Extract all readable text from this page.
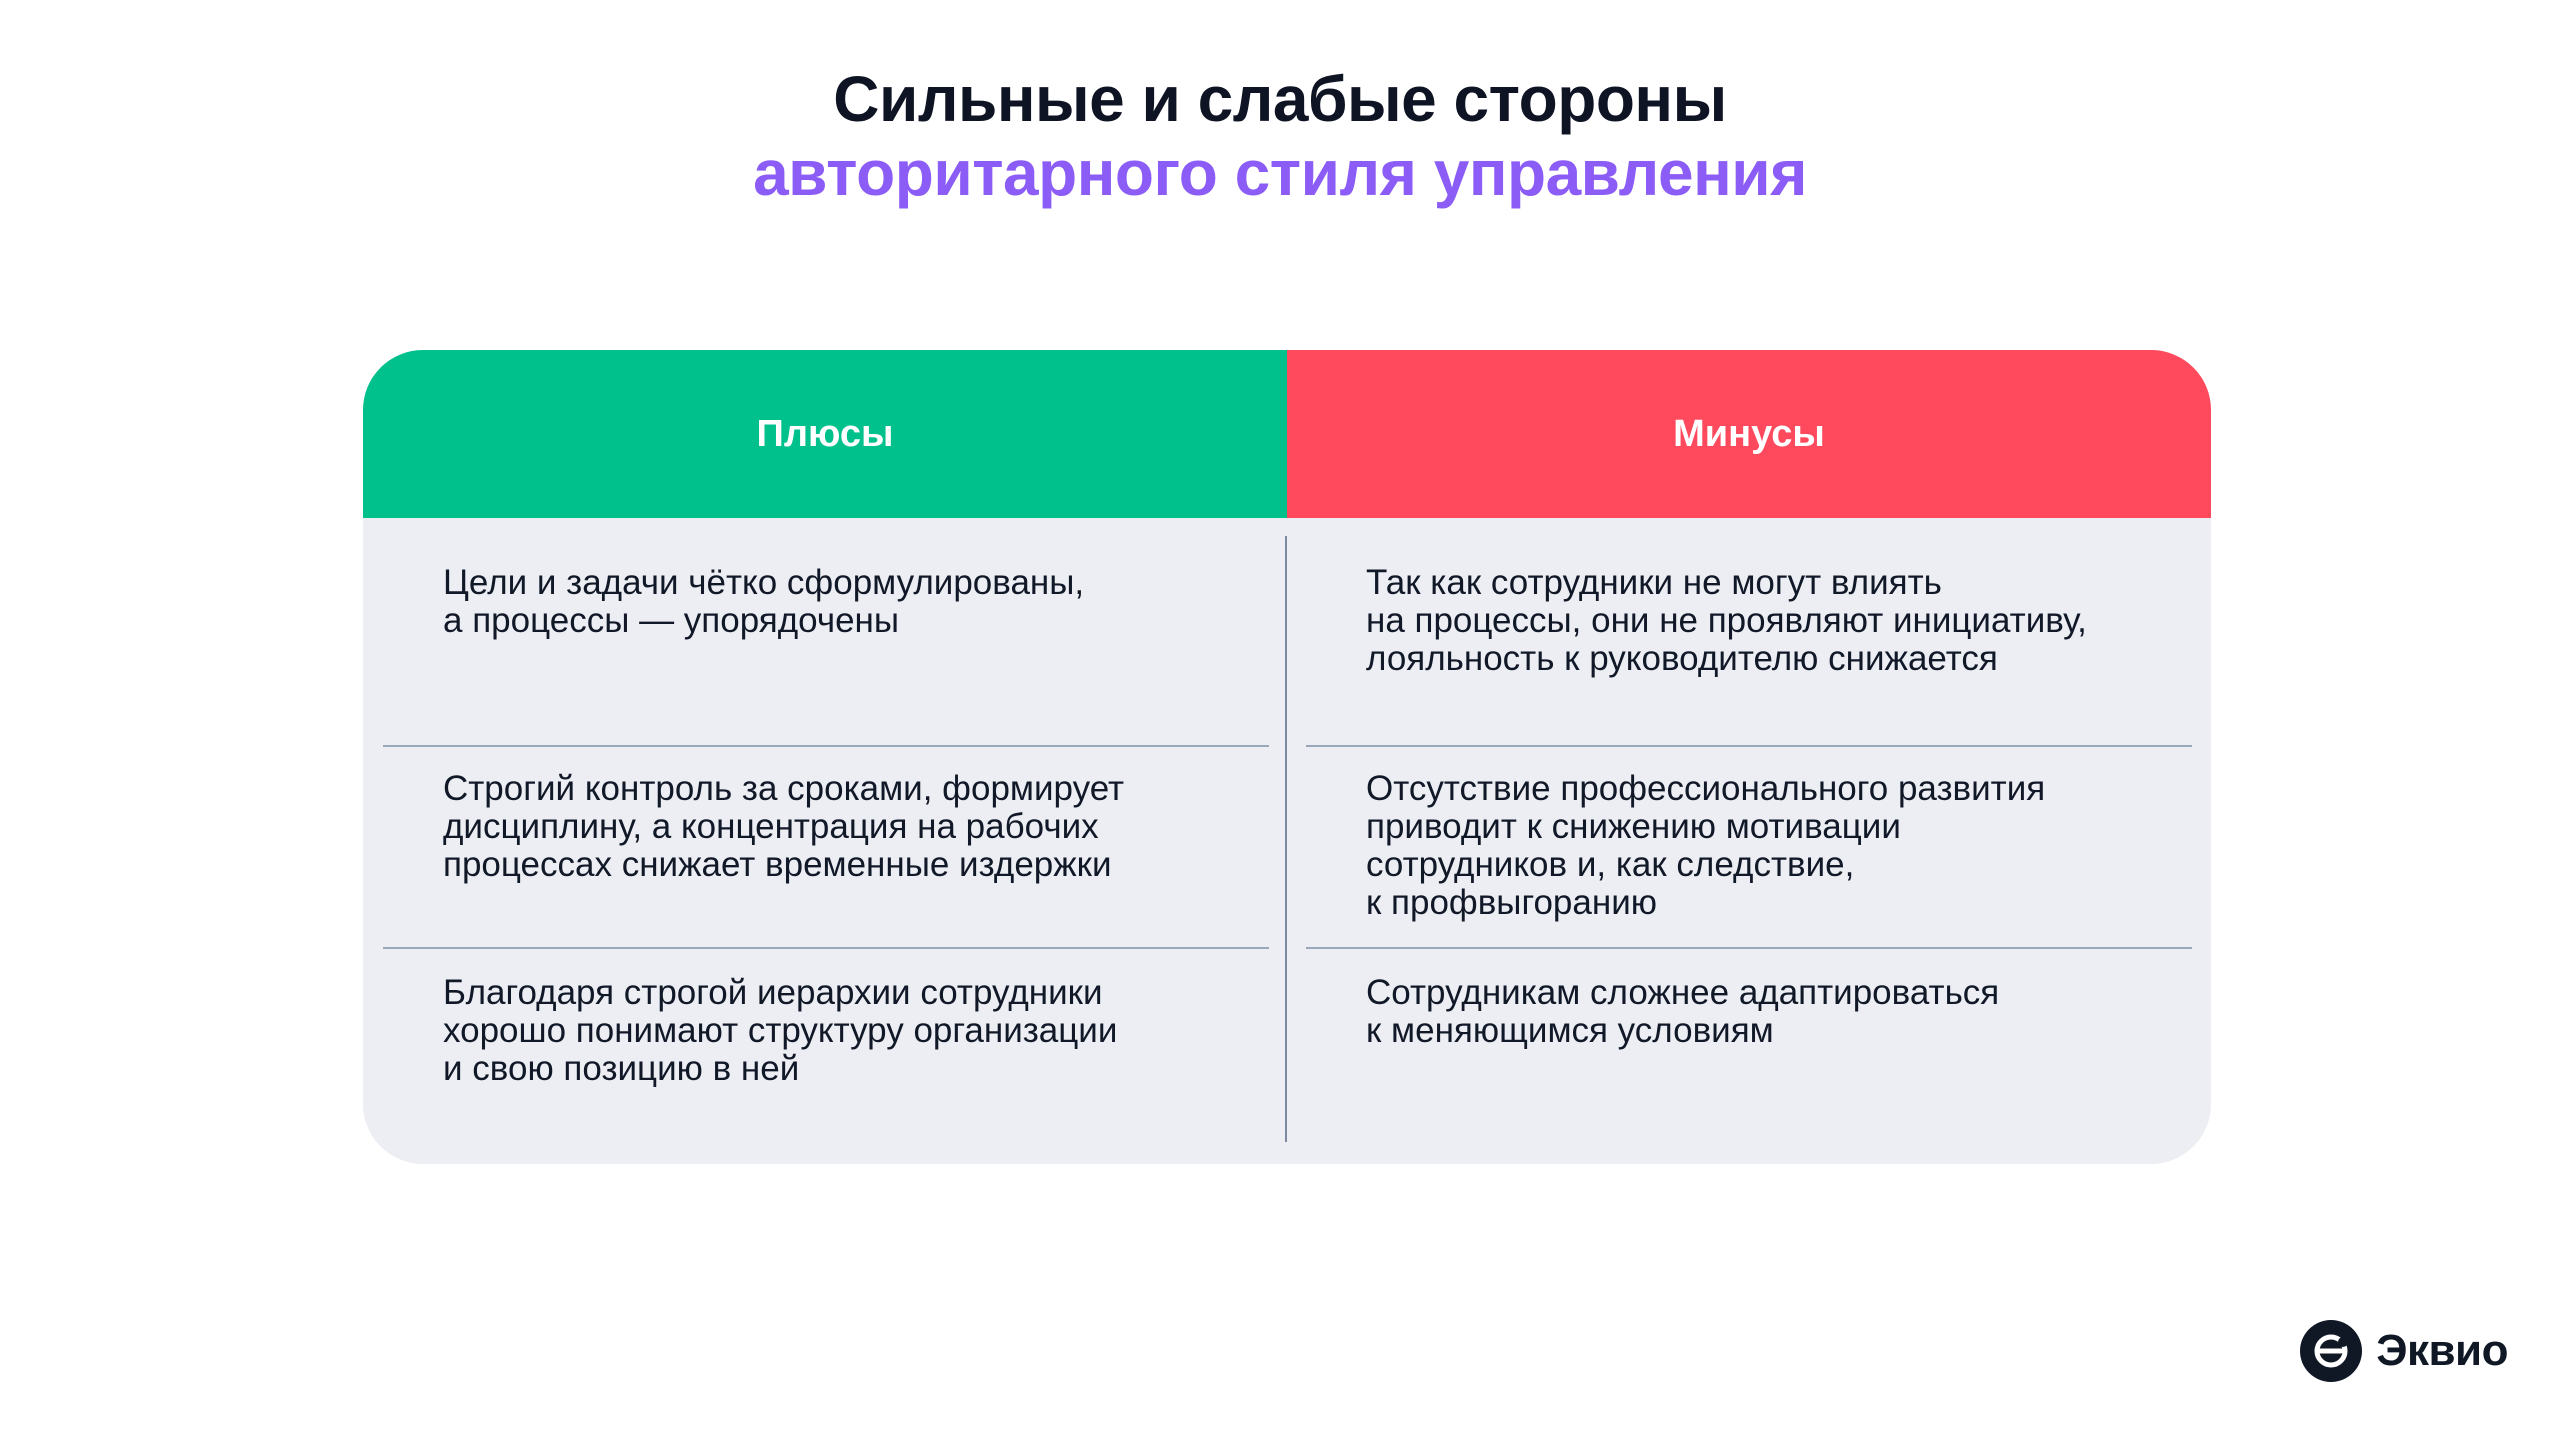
Сильные и слабые стороны
авторитарного стиля управления
Плюсы	Минусы
Цели и задачи чётко сформулированы,
а процессы — упорядочены
Так как сотрудники не могут влиять
на процессы, они не проявляют инициативу,
лояльность к руководителю снижается
Строгий контроль за сроками, формирует
дисциплину, а концентрация на рабочих
процессах снижает временные издержки
Отсутствие профессионального развития
приводит к снижению мотивации
сотрудников и, как следствие,
к профвыгоранию
Благодаря строгой иерархии сотрудники
хорошо понимают структуру организации
и свою позицию в ней
Сотрудникам сложнее адаптироваться
к меняющимся условиям
Эквио
